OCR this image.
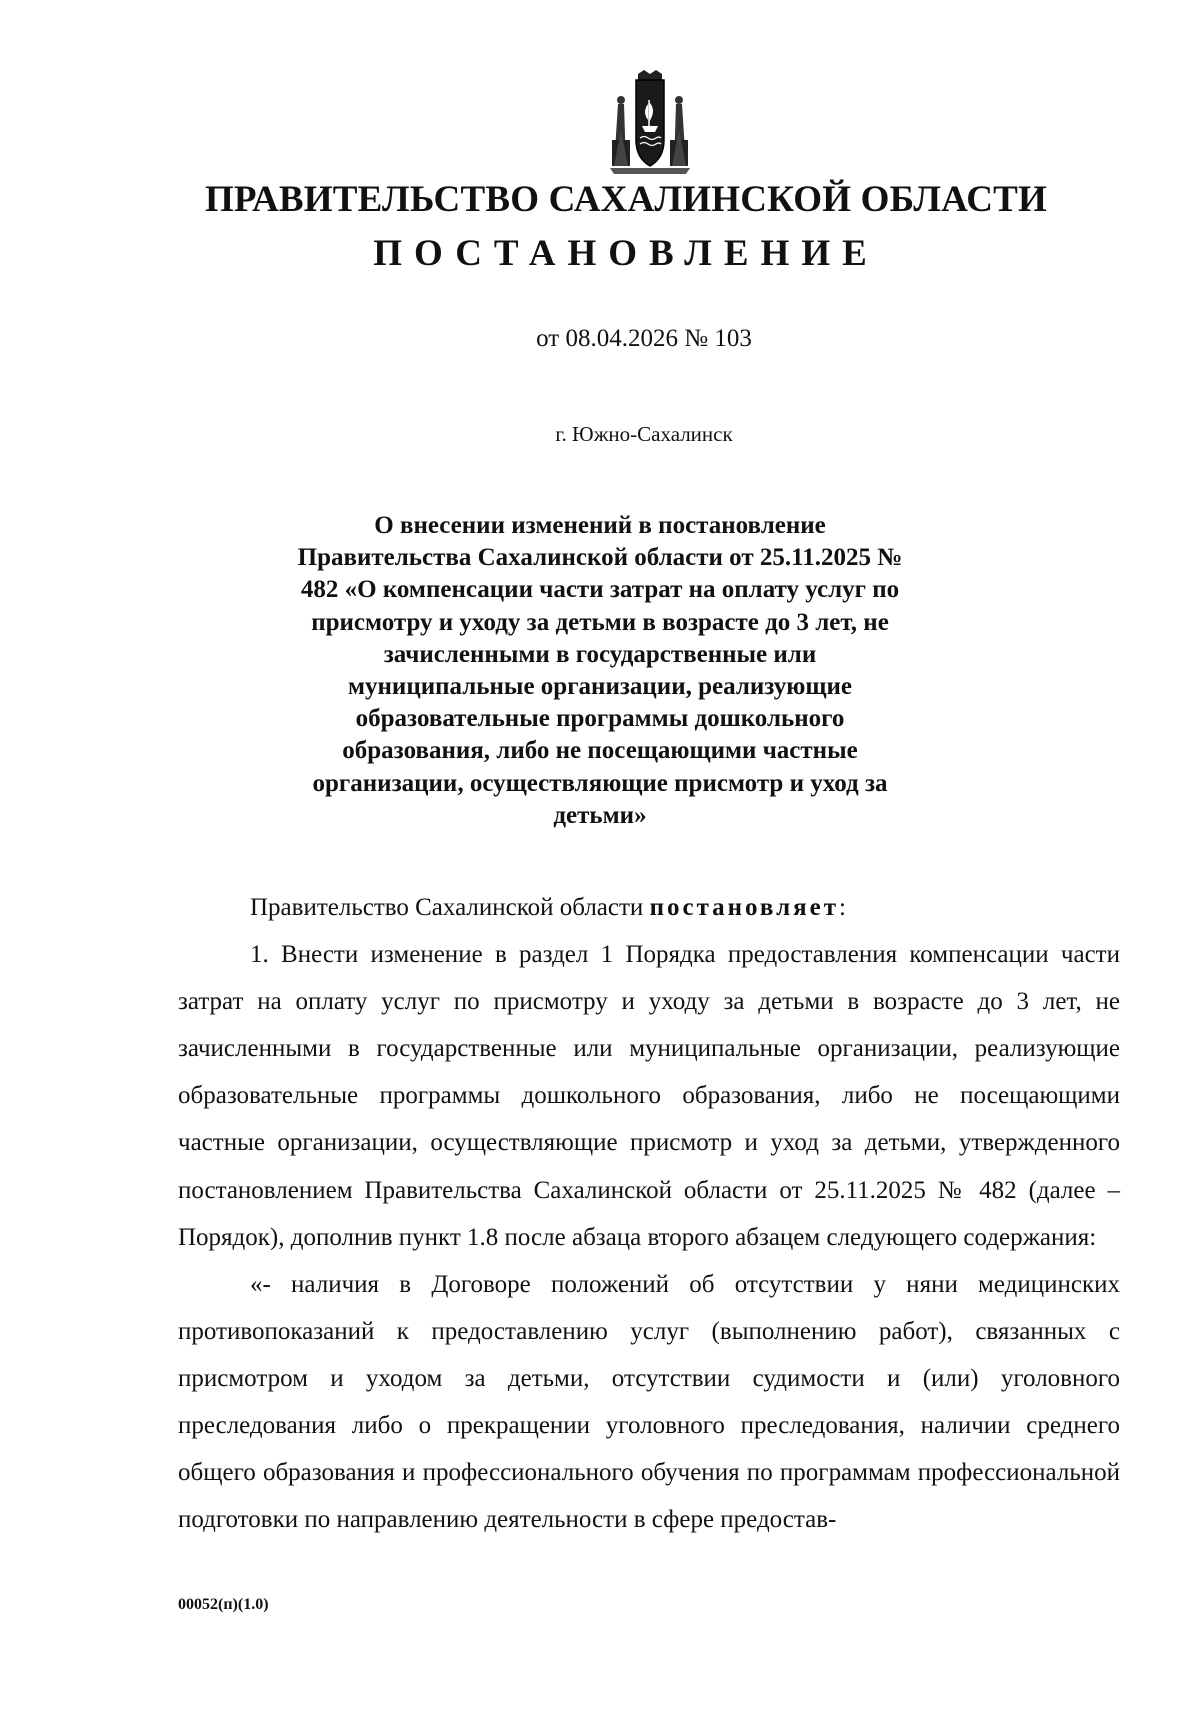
ПРАВИТЕЛЬСТВО САХАЛИНСКОЙ ОБЛАСТИ
ПОСТАНОВЛЕНИЕ
от 08.04.2026 № 103
г. Южно-Сахалинск
О внесении изменений в постановление Правительства Сахалинской области от 25.11.2025 № 482 «О компенсации части затрат на оплату услуг по присмотру и уходу за детьми в возрасте до 3 лет, не зачисленными в государственные или муниципальные организации, реализующие образовательные программы дошкольного образования, либо не посещающими частные организации, осуществляющие присмотр и уход за детьми»

Правительство Сахалинской области постановляет:

1. Внести изменение в раздел 1 Порядка предоставления компенсации части затрат на оплату услуг по присмотру и уходу за детьми в возрасте до 3 лет, не зачисленными в государственные или муниципальные организации, реализующие образовательные программы дошкольного образования, либо не посещающими частные организации, осуществляющие присмотр и уход за детьми, утвержденного постановлением Правительства Сахалинской области от 25.11.2025 № 482 (далее – Порядок), дополнив пункт 1.8 после абзаца второго абзацем следующего содержания:

«- наличия в Договоре положений об отсутствии у няни медицинских противопоказаний к предоставлению услуг (выполнению работ), связанных с присмотром и уходом за детьми, отсутствии судимости и (или) уголовного преследования либо о прекращении уголовного преследования, наличии среднего общего образования и профессионального обучения по программам профессиональной подготовки по направлению деятельности в сфере предостав-

00052(п)(1.0)
